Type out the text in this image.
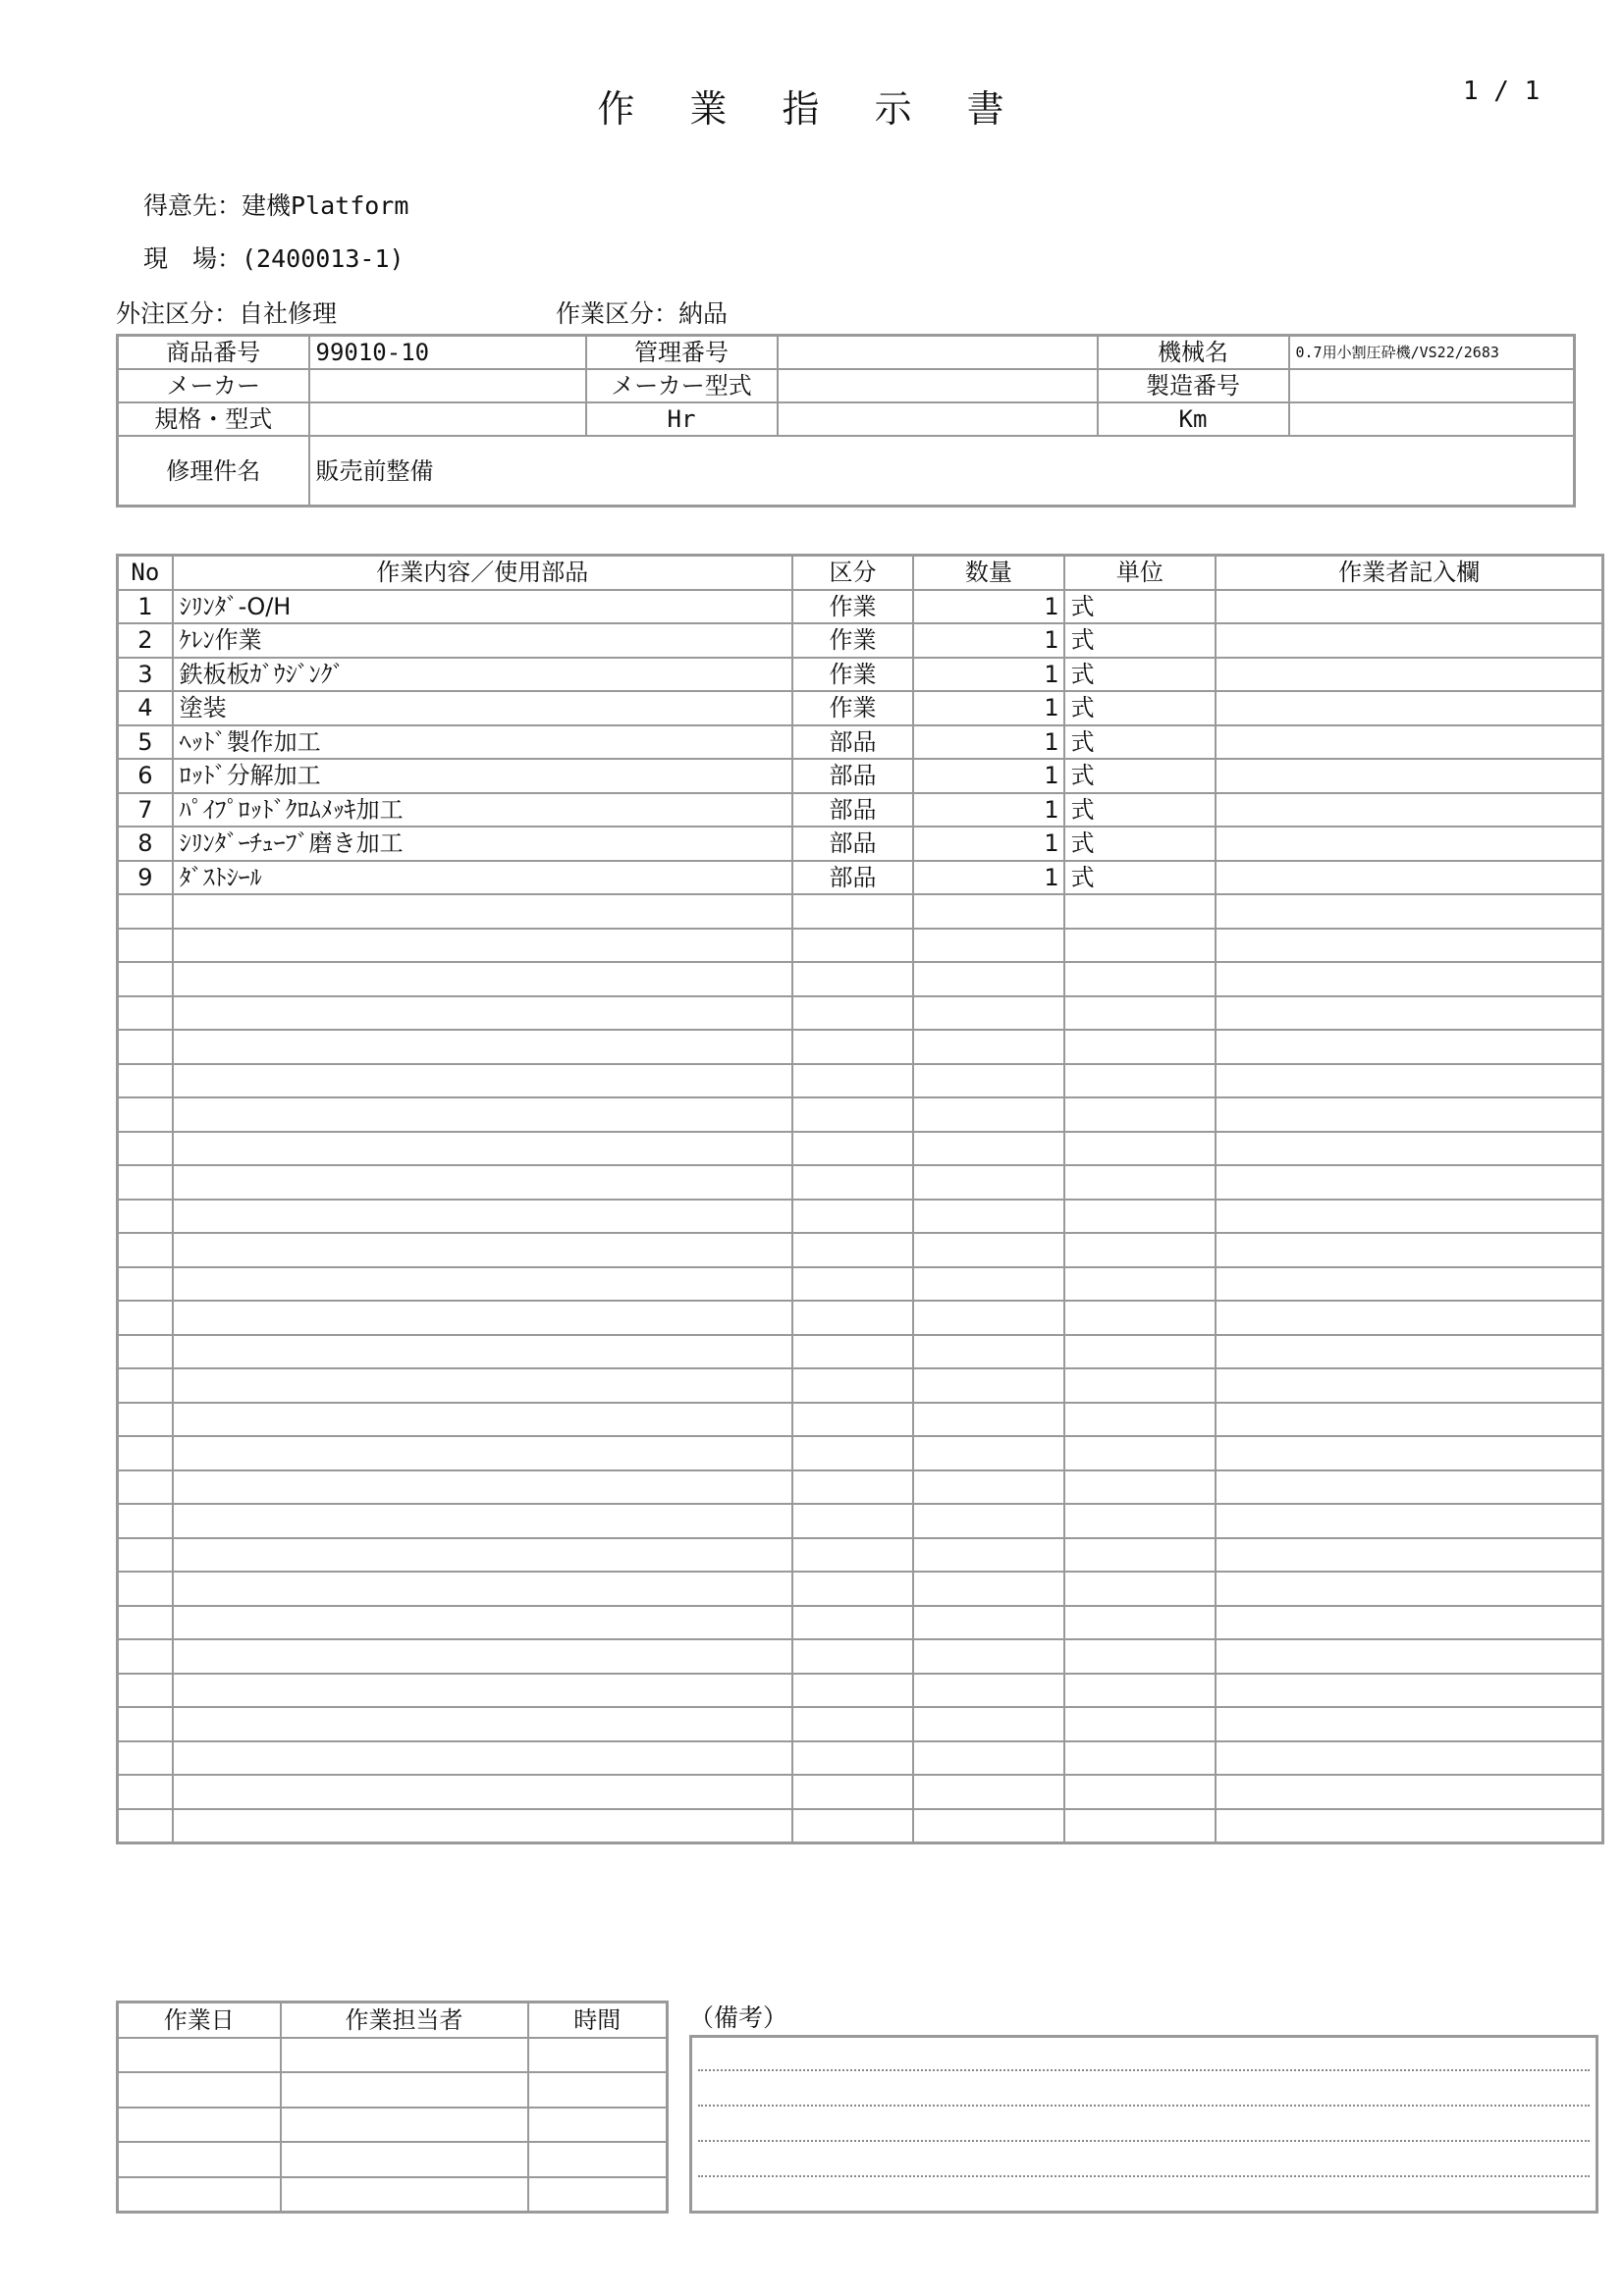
作 業 指 示 書	1 / 1
得意先：建機Platform
現　場：(2400013-1)
外注区分：自社修理	作業区分：納品
商品番号	99010-10	管理番号		機械名	0.7用小割圧砕機/VS22/2683
メーカー		メーカー型式		製造番号	
規格・型式		Hr		Km	
修理件名	販売前整備				
No	作業内容／使用部品	区分	数量	単位	作業者記入欄
1	ｼﾘﾝﾀﾞ-O/H	作業	1	式	
2	ｹﾚﾝ作業	作業	1	式	
3	鉄板板ｶﾞｳｼﾞﾝｸﾞ	作業	1	式	
4	塗装	作業	1	式	
5	ﾍｯﾄﾞ製作加工	部品	1	式	
6	ﾛｯﾄﾞ分解加工	部品	1	式	
7	ﾊﾟｲﾌﾟﾛｯﾄﾞｸﾛﾑﾒｯｷ加工	部品	1	式	
8	ｼﾘﾝﾀﾞｰﾁｭｰﾌﾞ磨き加工	部品	1	式	
9	ﾀﾞｽﾄｼｰﾙ	部品	1	式	

作業日	作業担当者	時間

			（備考）
